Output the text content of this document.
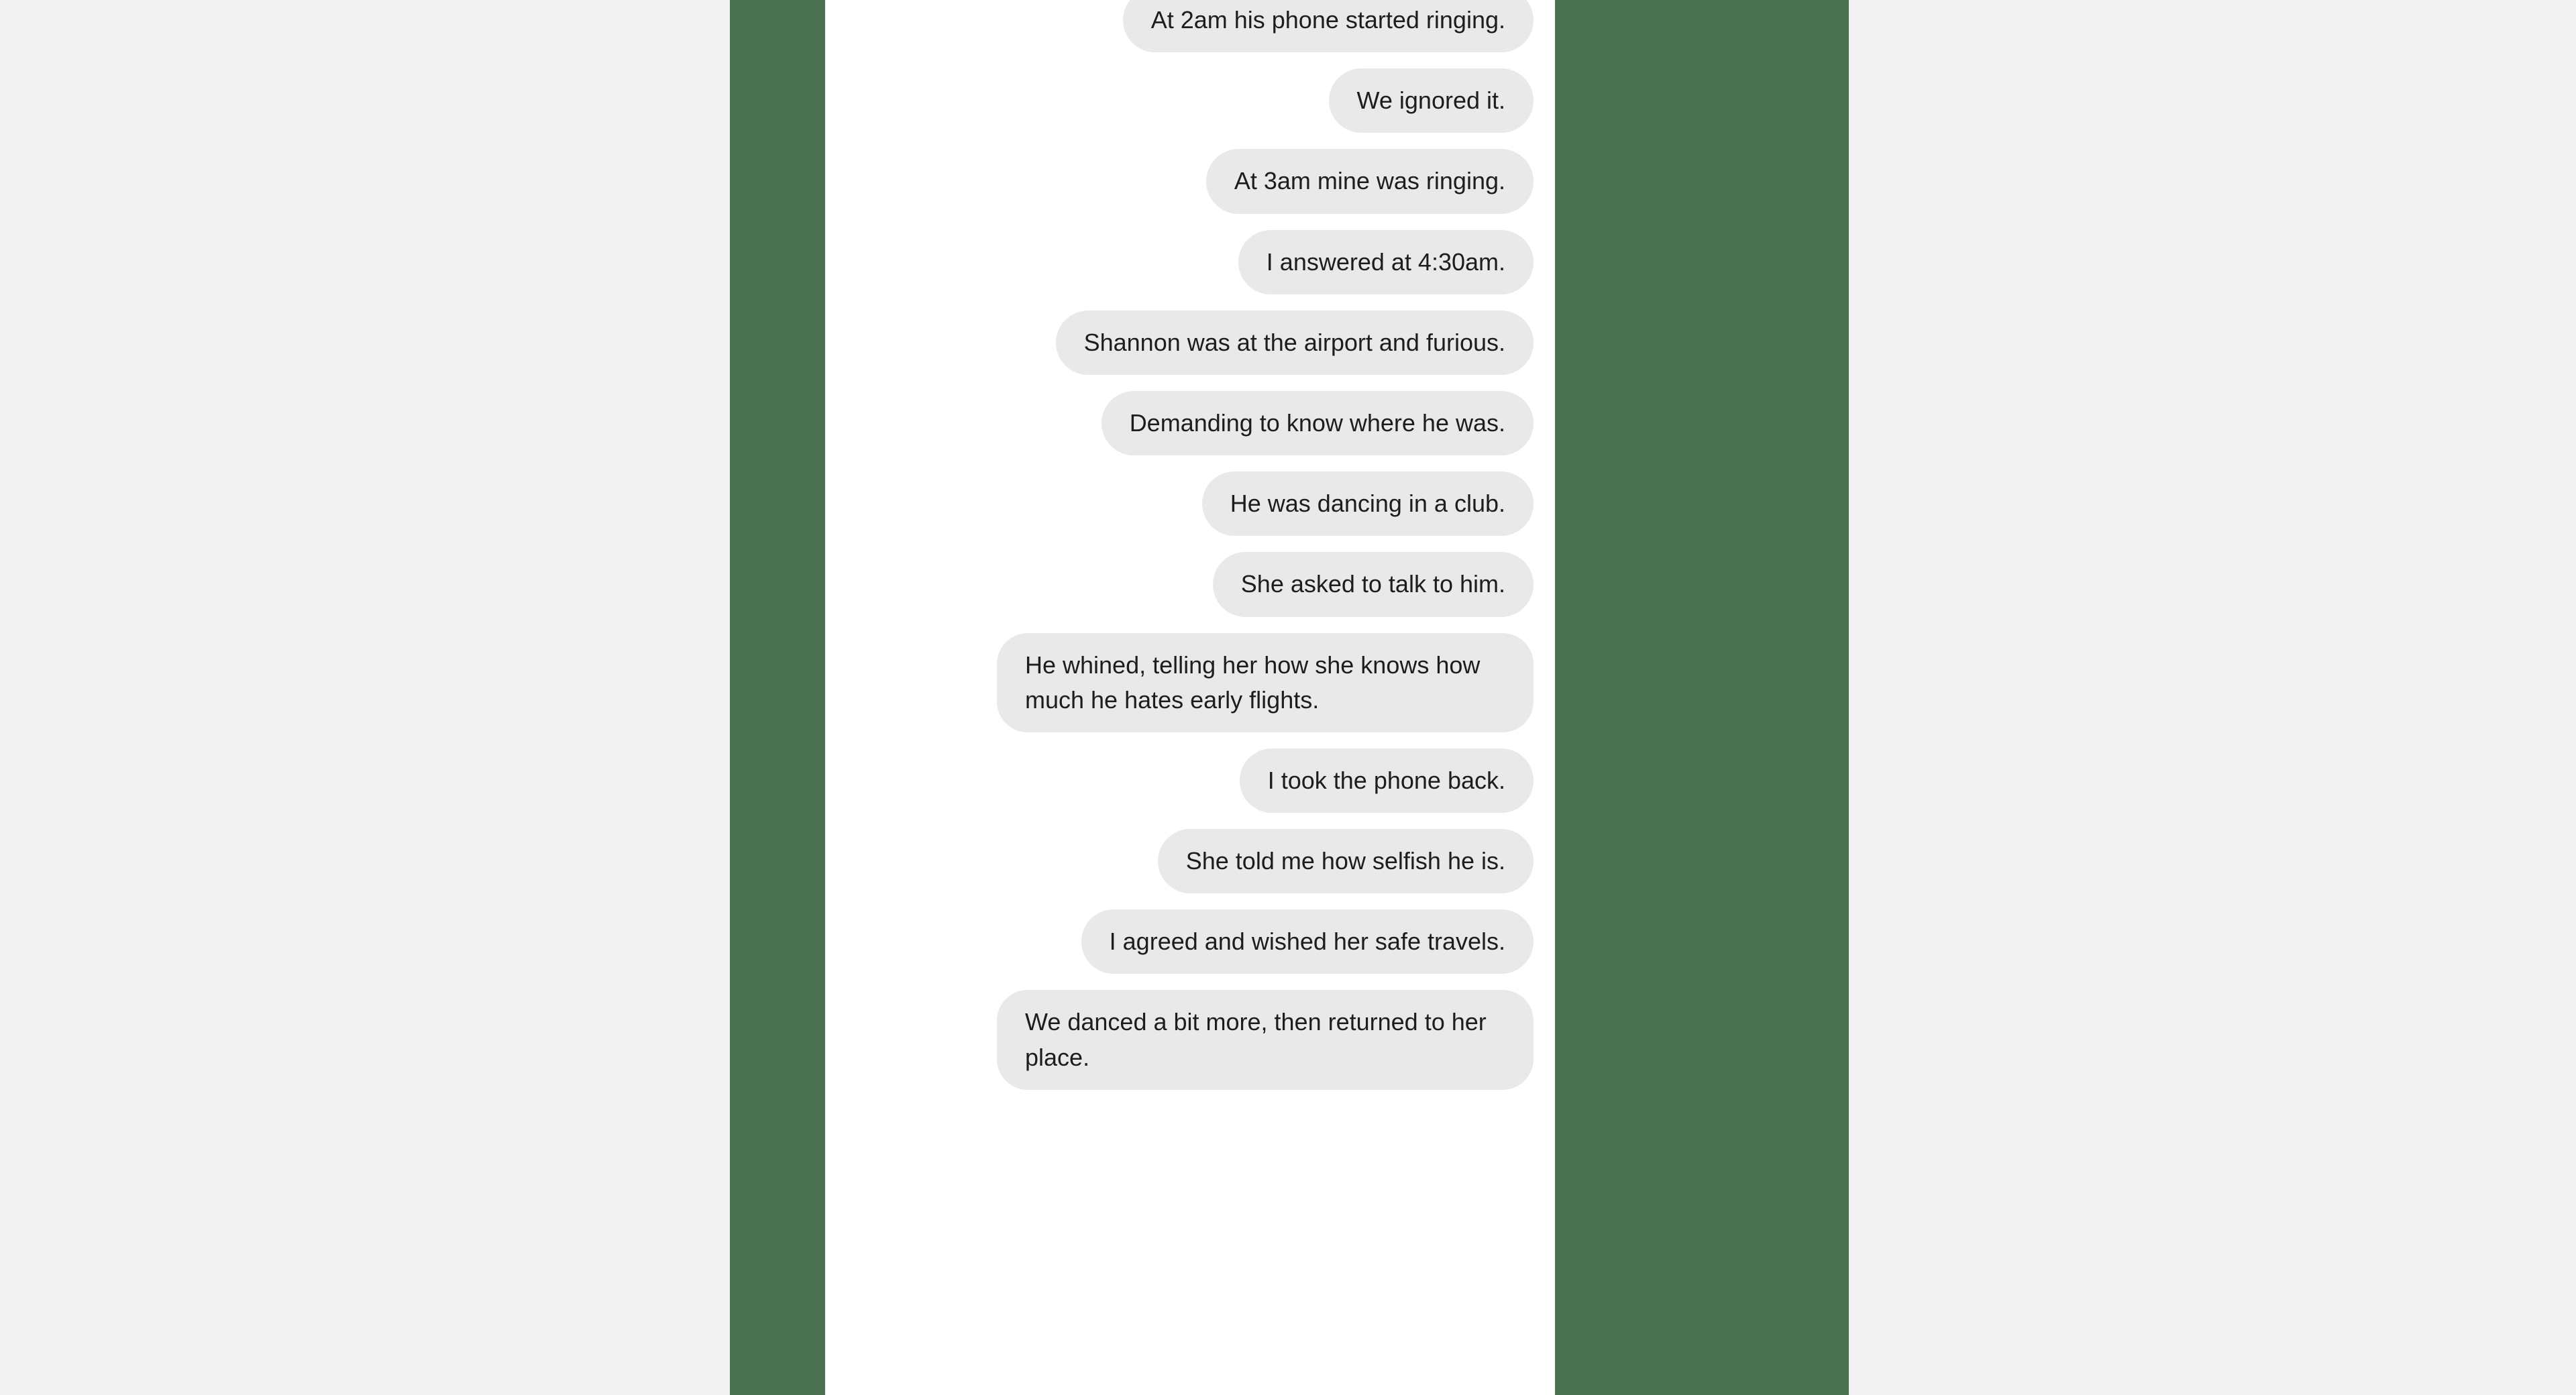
At 2am his phone started ringing.
We ignored it.
At 3am mine was ringing.
I answered at 4:30am.
Shannon was at the airport and furious.
Demanding to know where he was.
He was dancing in a club.
She asked to talk to him.
He whined, telling her how she knows how much he hates early flights.
I took the phone back.
She told me how selfish he is.
I agreed and wished her safe travels.
We danced a bit more, then returned to her place.
